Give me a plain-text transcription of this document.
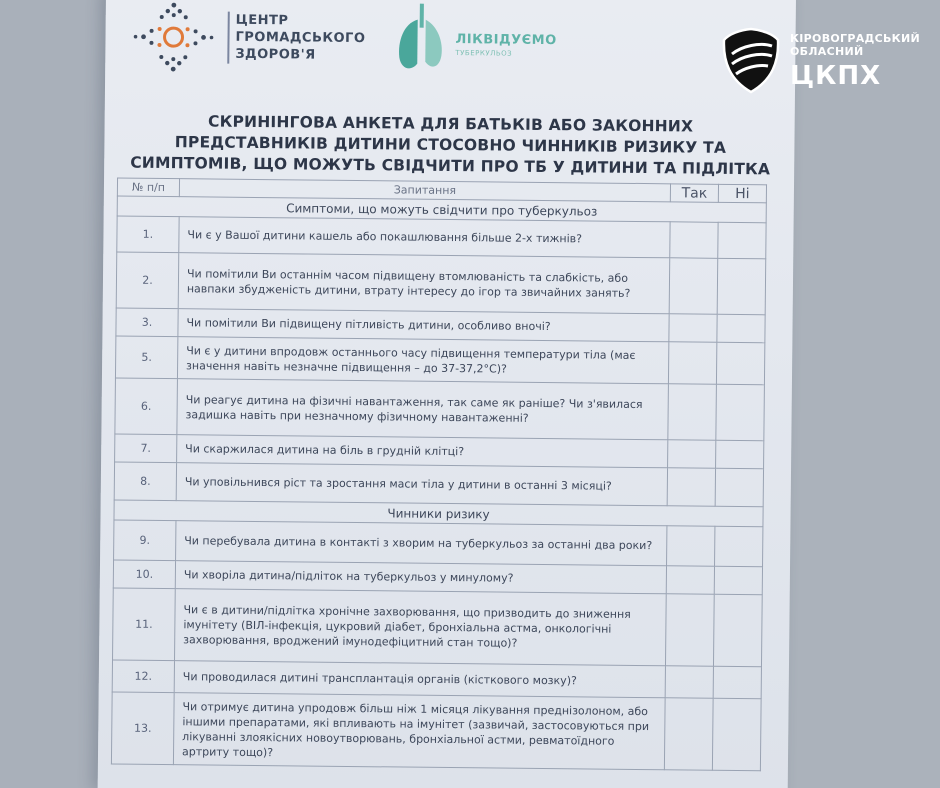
ЦЕНТР
ГРОМАДСЬКОГО
ЗДОРОВ'Я
ЛІКВІДУЄМО
ТУБЕРКУЛЬОЗ
СКРИНІНГОВА АНКЕТА ДЛЯ БАТЬКІВ АБО ЗАКОННИХ
ПРЕДСТАВНИКІВ ДИТИНИ СТОСОВНО ЧИННИКІВ РИЗИКУ ТА
СИМПТОМІВ, ЩО МОЖУТЬ СВІДЧИТИ ПРО ТБ У ДИТИНИ ТА ПІДЛІТКА
№ п/п	Запитання	Так	Ні
Симптоми, що можуть свідчити про туберкульоз			
1.	Чи є у Вашої дитини кашель або покашлювання більше 2-х тижнів?		
2.	Чи помітили Ви останнім часом підвищену втомлюваність та слабкість, або навпаки збудженість дитини, втрату інтересу до ігор та звичайних занять?		
3.	Чи помітили Ви підвищену пітливість дитини, особливо вночі?		
5.	Чи є у дитини впродовж останнього часу підвищення температури тіла (має значення навіть незначне підвищення – до 37-37,2°С)?		
6.	Чи реагує дитина на фізичні навантаження, так саме як раніше? Чи з'явилася задишка навіть при незначному фізичному навантаженні?		
7.	Чи скаржилася дитина на біль в грудній клітці?		
8.	Чи уповільнився ріст та зростання маси тіла у дитини в останні 3 місяці?		
Чинники ризику			
9.	Чи перебувала дитина в контакті з хворим на туберкульоз за останні два роки?		
10.	Чи хворіла дитина/підліток на туберкульоз у минулому?		
11.	Чи є в дитини/підлітка хронічне захворювання, що призводить до зниження імунітету (ВІЛ-інфекція, цукровий діабет, бронхіальна астма, онкологічні захворювання, вроджений імунодефіцитний стан тощо)?		
12.	Чи проводилася дитині трансплантація органів (кісткового мозку)?		
13.	Чи отримує дитина упродовж більш ніж 1 місяця лікування преднізолоном, або іншими препаратами, які впливають на імунітет (зазвичай, застосовуються при лікуванні злоякісних новоутворювань, бронхіальної астми, ревматоїдного артриту тощо)?		
КІРОВОГРАДСЬКИЙ
ОБЛАСНИЙ
ЦКПХ
